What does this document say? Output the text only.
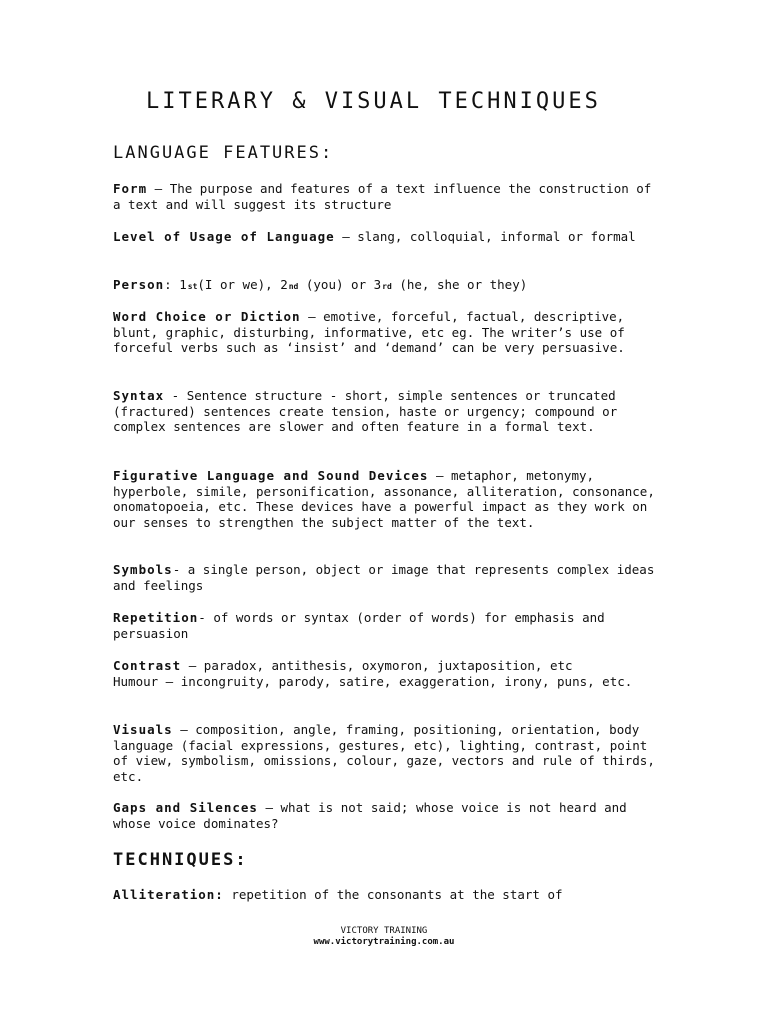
LITERARY & VISUAL TECHNIQUES
LANGUAGE FEATURES:
Form – The purpose and features of a text influence the construction of a text and will suggest its structure
Level of Usage of Language – slang, colloquial, informal or formal
Person: 1st(I or we), 2nd (you) or 3rd (he, she or they)
Word Choice or Diction – emotive, forceful, factual, descriptive, blunt, graphic, disturbing, informative, etc eg. The writer’s use of forceful verbs such as ‘insist’ and ‘demand’ can be very persuasive.
Syntax - Sentence structure - short, simple sentences or truncated (fractured) sentences create tension, haste or urgency; compound or complex sentences are slower and often feature in a formal text.
Figurative Language and Sound Devices – metaphor, metonymy, hyperbole, simile, personification, assonance, alliteration, consonance, onomatopoeia, etc. These devices have a powerful impact as they work on our senses to strengthen the subject matter of the text.
Symbols- a single person, object or image that represents complex ideas and feelings
Repetition- of words or syntax (order of words) for emphasis and persuasion
Contrast – paradox, antithesis, oxymoron, juxtaposition, etc
Humour – incongruity, parody, satire, exaggeration, irony, puns, etc.
Visuals – composition, angle, framing, positioning, orientation, body language (facial expressions, gestures, etc), lighting, contrast, point of view, symbolism, omissions, colour, gaze, vectors and rule of thirds, etc.
Gaps and Silences – what is not said; whose voice is not heard and whose voice dominates?
TECHNIQUES:
Alliteration: repetition of the consonants at the start of
VICTORY TRAINING
www.victorytraining.com.au
